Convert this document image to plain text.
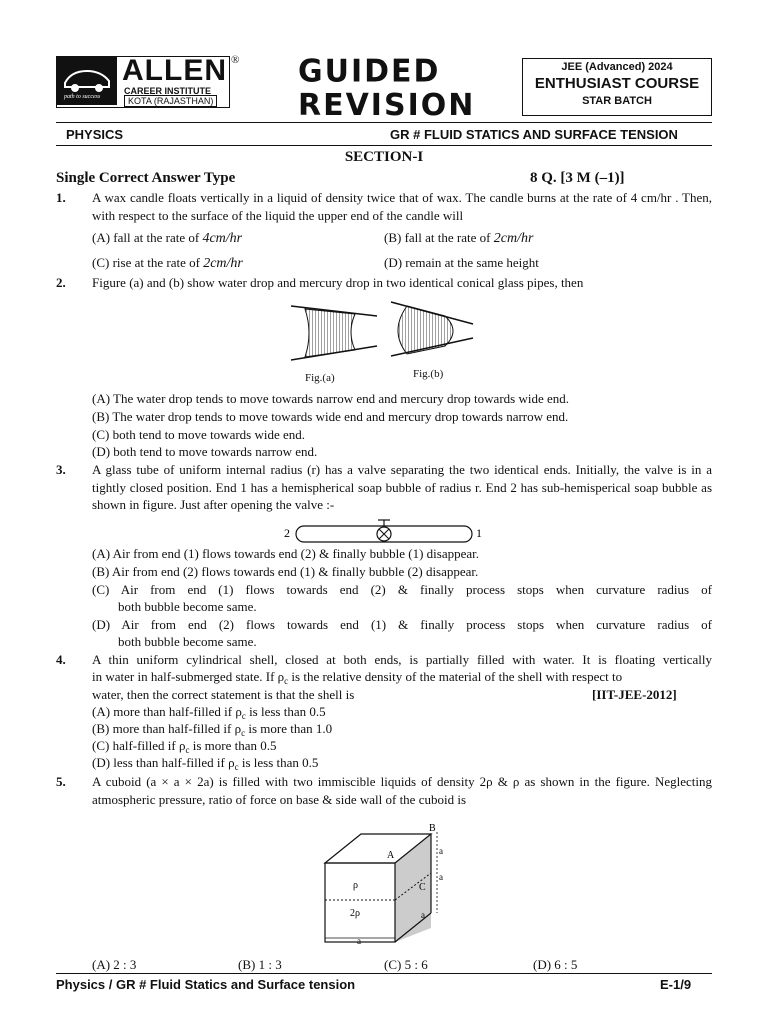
path to success
ALLEN ®
CAREER INSTITUTE
KOTA (RAJASTHAN)
GUIDED
REVISION
JEE (Advanced) 2024
ENTHUSIAST COURSE
STAR BATCH
PHYSICS	GR # FLUID STATICS AND SURFACE TENSION
SECTION-I
Single Correct Answer Type	8 Q. [3 M (–1)]
1. A wax candle floats vertically in a liquid of density twice that of wax. The candle burns at the rate of 4 cm/hr . Then, with respect to the surface of the liquid the upper end of the candle will
(A) fall at the rate of 4cm/hr	(B) fall at the rate of 2cm/hr
(C) rise at the rate of 2cm/hr	(D) remain at the same height
2. Figure (a) and (b) show water drop and mercury drop in two identical conical glass pipes, then
Fig.(a)	Fig.(b)
(A) The water drop tends to move towards narrow end and mercury drop towards wide end.
(B) The water drop tends to move towards wide end and mercury drop towards narrow end.
(C) both tend to move towards wide end.
(D) both tend to move towards narrow end.
3. A glass tube of uniform internal radius (r) has a valve separating the two identical ends. Initially, the valve is in a tightly closed position. End 1 has a hemispherical soap bubble of radius r. End 2 has sub-hemisperical soap bubble as shown in figure. Just after opening the valve :-
2	1
(A) Air from end (1) flows towards end (2) & finally bubble (1) disappear.
(B) Air from end (2) flows towards end (1) & finally bubble (2) disappear.
(C) Air from end (1) flows towards end (2) & finally process stops when curvature radius of
both bubble become same.
(D) Air from end (2) flows towards end (1) & finally process stops when curvature radius of
both bubble become same.
4. A thin uniform cylindrical shell, closed at both ends, is partially filled with water. It is floating vertically
in water in half-submerged state. If $\rho_c$ is the relative density of the material of the shell with respect to
water, then the correct statement is that the shell is	[IIT-JEE-2012]
(A) more than half-filled if $\rho_c$ is less than 0.5
(B) more than half-filled if $\rho_c$ is more than 1.0
(C) half-filled if $\rho_c$ is more than 0.5
(D) less than half-filled if $\rho_c$ is less than 0.5
5. A cuboid (a × a × 2a) is filled with two immiscible liquids of density 2ρ & ρ as shown in the figure. Neglecting atmospheric pressure, ratio of force on base & side wall of the cuboid is
B
A
C
a
a
a
a
ρ
2ρ
(A) 2 : 3	(B) 1 : 3	(C) 5 : 6	(D) 6 : 5
Physics / GR # Fluid Statics and Surface tension	E-1/9
